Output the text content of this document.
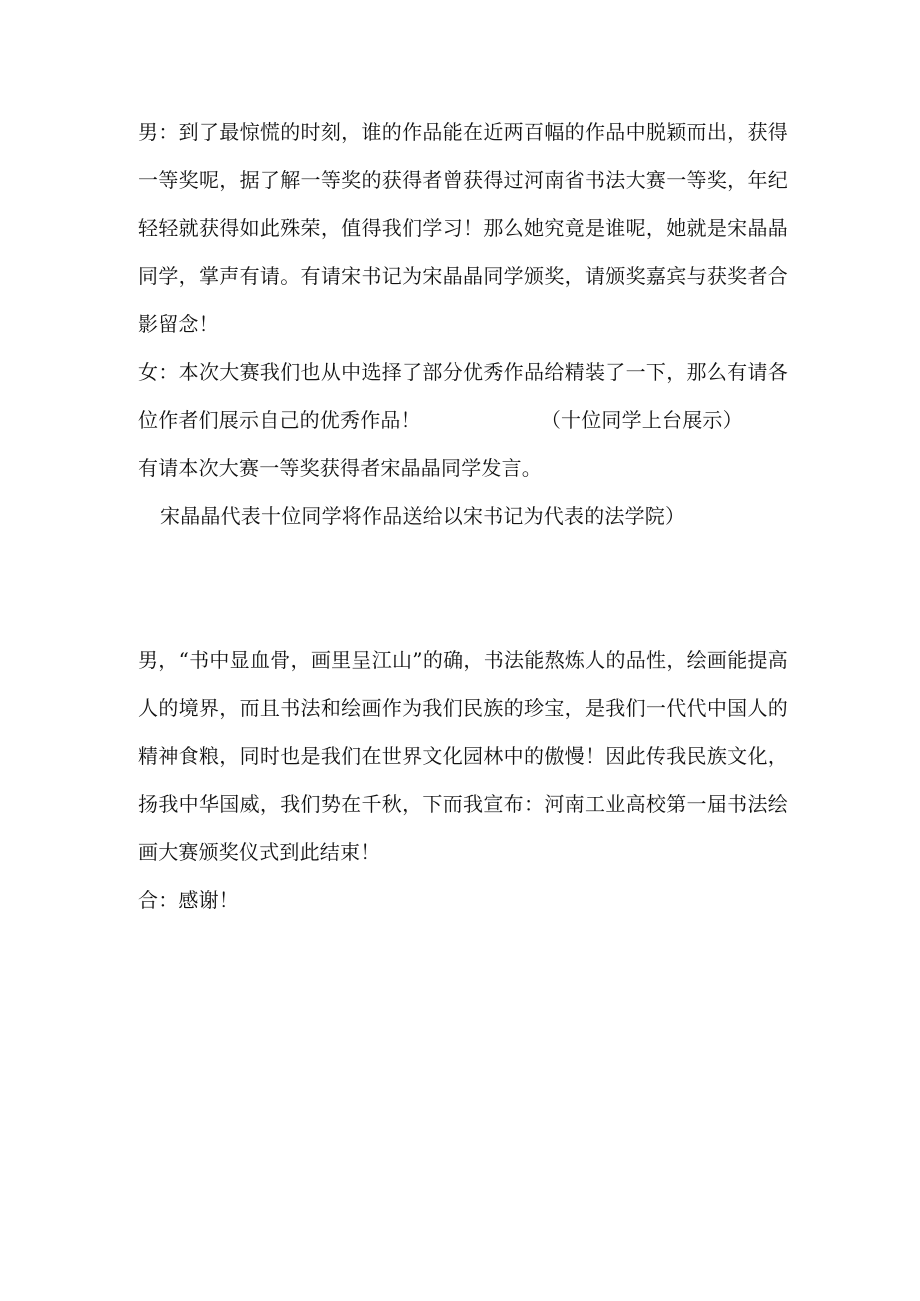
男：到了最惊慌的时刻，谁的作品能在近两百幅的作品中脱颖而出，获得一等奖呢，据了解一等奖的获得者曾获得过河南省书法大赛一等奖，年纪轻轻就获得如此殊荣，值得我们学习！那么她究竟是谁呢，她就是宋晶晶同学，掌声有请。有请宋书记为宋晶晶同学颁奖，请颁奖嘉宾与获奖者合影留念！

女：本次大赛我们也从中选择了部分优秀作品给精装了一下，那么有请各位作者们展示自己的优秀作品！	（十位同学上台展示）

有请本次大赛一等奖获得者宋晶晶同学发言。

宋晶晶代表十位同学将作品送给以宋书记为代表的法学院）

男，“书中显血骨，画里呈江山”的确，书法能熬炼人的品性，绘画能提高人的境界，而且书法和绘画作为我们民族的珍宝，是我们一代代中国人的精神食粮，同时也是我们在世界文化园林中的傲慢！因此传我民族文化，扬我中华国威，我们势在千秋，下而我宣布：河南工业高校第一届书法绘画大赛颁奖仪式到此结束！

合：感谢！
